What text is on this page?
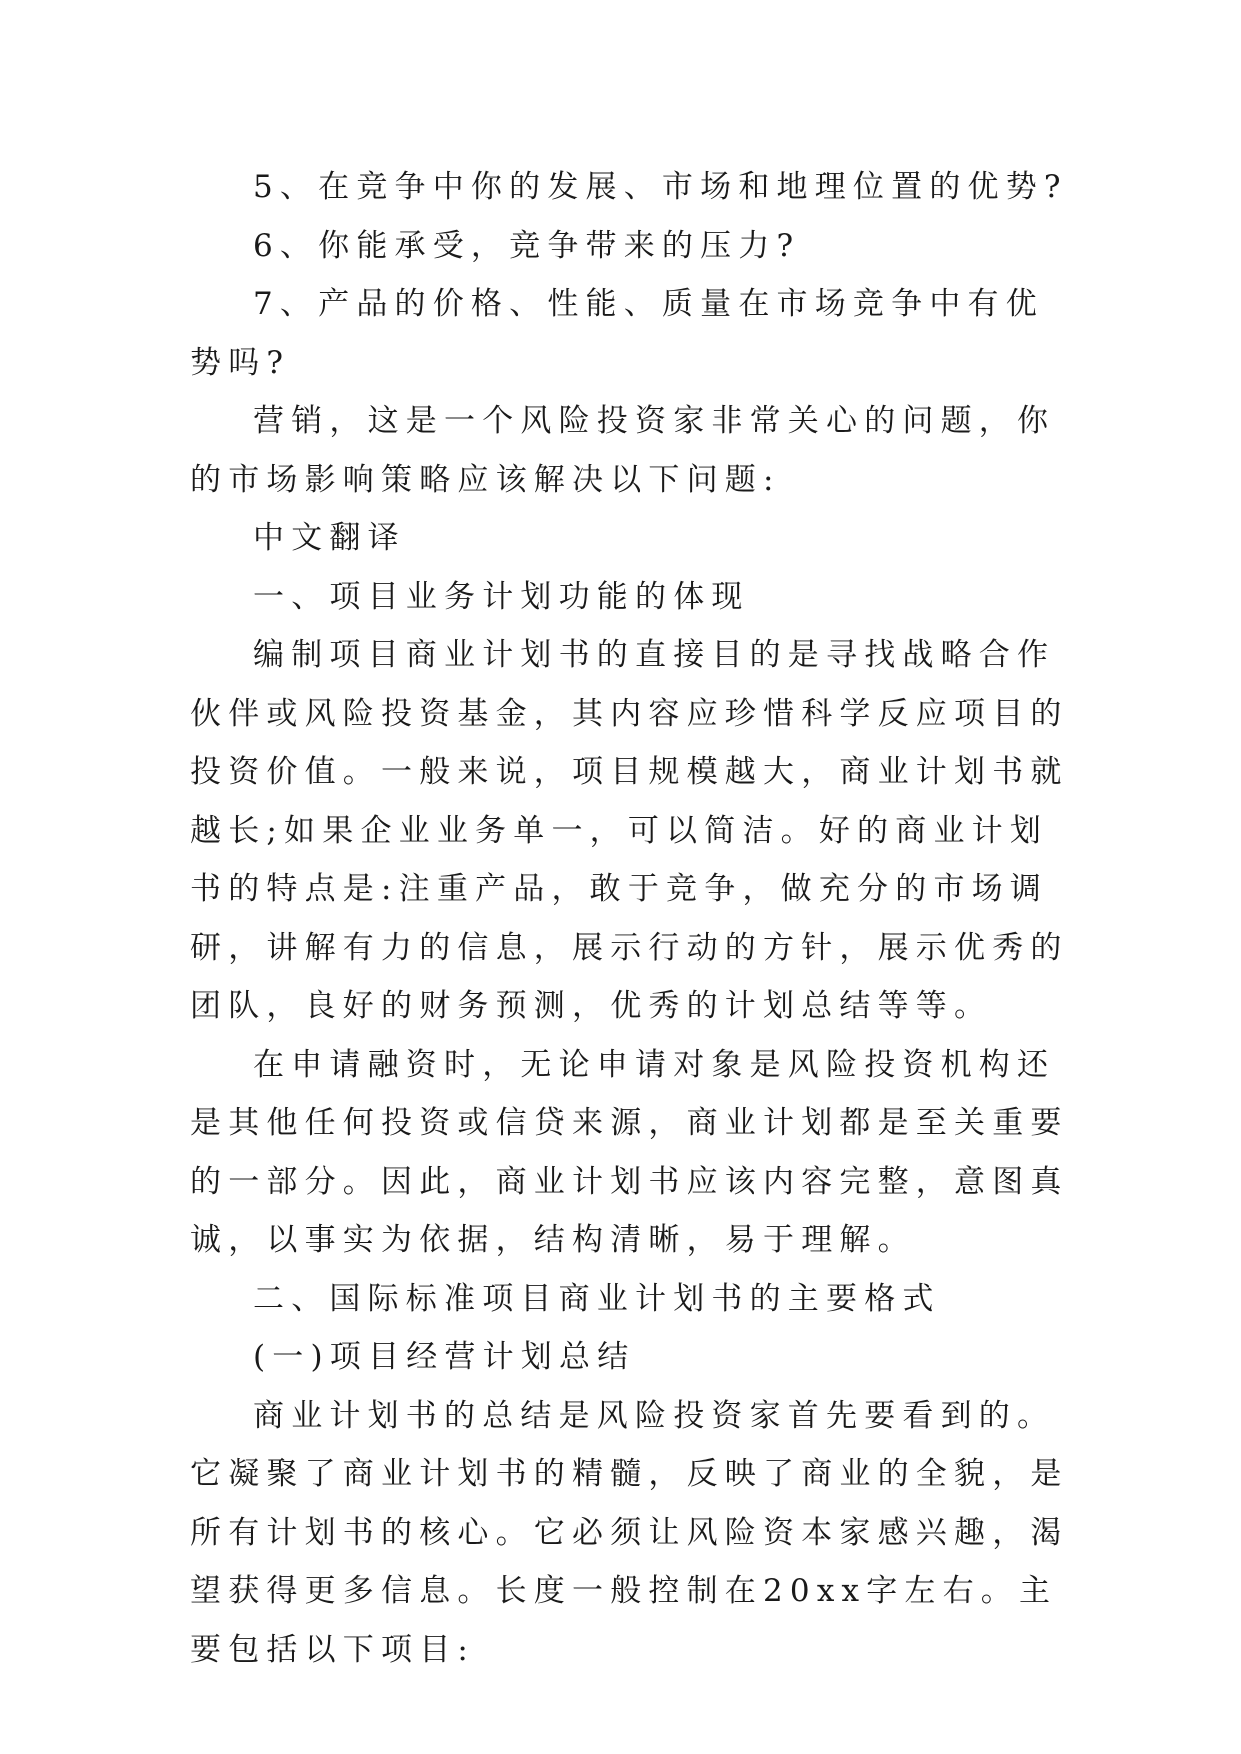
5、在竞争中你的发展、市场和地理位置的优势?

6、你能承受，竞争带来的压力?

7、产品的价格、性能、质量在市场竞争中有优势吗?

营销，这是一个风险投资家非常关心的问题，你的市场影响策略应该解决以下问题:

中文翻译

一、项目业务计划功能的体现

编制项目商业计划书的直接目的是寻找战略合作伙伴或风险投资基金，其内容应珍惜科学反应项目的投资价值。一般来说，项目规模越大，商业计划书就越长;如果企业业务单一，可以简洁。好的商业计划书的特点是:注重产品，敢于竞争，做充分的市场调研，讲解有力的信息，展示行动的方针，展示优秀的团队，良好的财务预测，优秀的计划总结等等。

在申请融资时，无论申请对象是风险投资机构还是其他任何投资或信贷来源，商业计划都是至关重要的一部分。因此，商业计划书应该内容完整，意图真诚，以事实为依据，结构清晰，易于理解。

二、国际标准项目商业计划书的主要格式

(一)项目经营计划总结

商业计划书的总结是风险投资家首先要看到的。它凝聚了商业计划书的精髓，反映了商业的全貌，是所有计划书的核心。它必须让风险资本家感兴趣，渴望获得更多信息。长度一般控制在20xx字左右。主要包括以下项目:
